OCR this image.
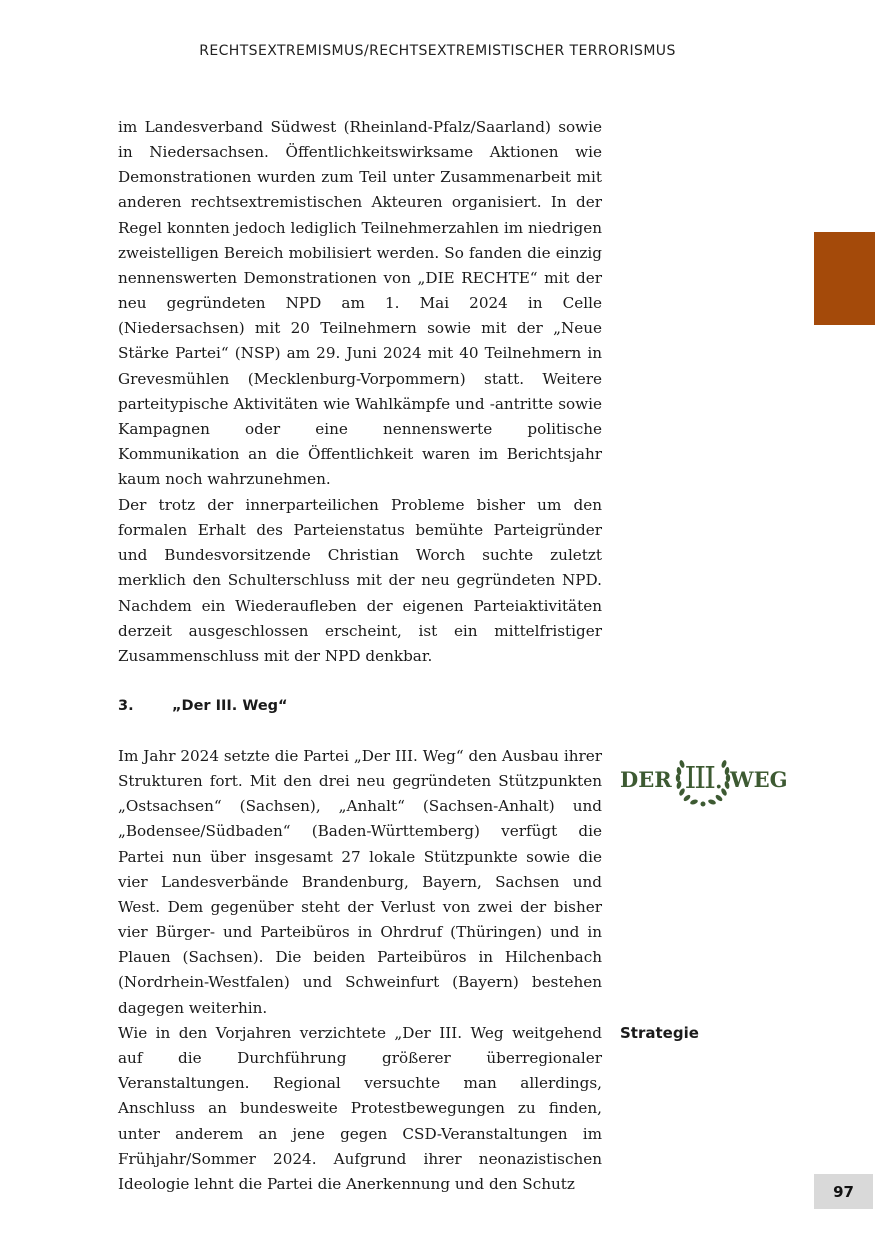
RECHTSEXTREMISMUS/RECHTSEXTREMISTISCHER TERRORISMUS

im Landesverband Südwest (Rheinland-Pfalz/Saarland) sowie in Niedersachsen. Öffentlichkeitswirksame Aktionen wie Demonstrationen wurden zum Teil unter Zusammenarbeit mit anderen rechtsextremistischen Akteuren organisiert. In der Regel konnten jedoch lediglich Teilnehmerzahlen im niedrigen zweistelligen Bereich mobilisiert werden. So fanden die einzig nennenswerten Demonstrationen von „DIE RECHTE“ mit der neu gegründeten NPD am 1. Mai 2024 in Celle (Niedersachsen) mit 20 Teilnehmern sowie mit der „Neue Stärke Partei“ (NSP) am 29. Juni 2024 mit 40 Teilnehmern in Grevesmühlen (Mecklenburg-Vorpommern) statt. Weitere parteitypische Aktivitäten wie Wahlkämpfe und -antritte sowie Kampagnen oder eine nennenswerte politische Kommunikation an die Öffentlichkeit waren im Berichtsjahr kaum noch wahrzunehmen.

Der trotz der innerparteilichen Probleme bisher um den formalen Erhalt des Parteienstatus bemühte Parteigründer und Bundesvorsitzende Christian Worch suchte zuletzt merklich den Schulterschluss mit der neu gegründeten NPD. Nachdem ein Wiederaufleben der eigenen Parteiaktivitäten derzeit ausgeschlossen erscheint, ist ein mittelfristiger Zusammenschluss mit der NPD denkbar.

3.	„Der III. Weg“
DER	WEG
III.

Im Jahr 2024 setzte die Partei „Der III. Weg“ den Ausbau ihrer Strukturen fort. Mit den drei neu gegründeten Stützpunkten „Ostsachsen“ (Sachsen), „Anhalt“ (Sachsen-Anhalt) und „Bodensee/Südbaden“ (Baden-Württemberg) verfügt die Partei nun über insgesamt 27 lokale Stützpunkte sowie die vier Landesverbände Brandenburg, Bayern, Sachsen und West. Dem gegenüber steht der Verlust von zwei der bisher vier Bürger- und Parteibüros in Ohrdruf (Thüringen) und in Plauen (Sachsen). Die beiden Parteibüros in Hilchenbach (Nordrhein-Westfalen) und Schweinfurt (Bayern) bestehen dagegen weiterhin.

Strategie

Wie in den Vorjahren verzichtete „Der III. Weg weitgehend auf die Durchführung größerer überregionaler Veranstaltungen. Regional versuchte man allerdings, Anschluss an bundesweite Protestbewegungen zu finden, unter anderem an jene gegen CSD-Veranstaltungen im Frühjahr/Sommer 2024. Aufgrund ihrer neonazistischen Ideologie lehnt die Partei die Anerkennung und den Schutz	97
